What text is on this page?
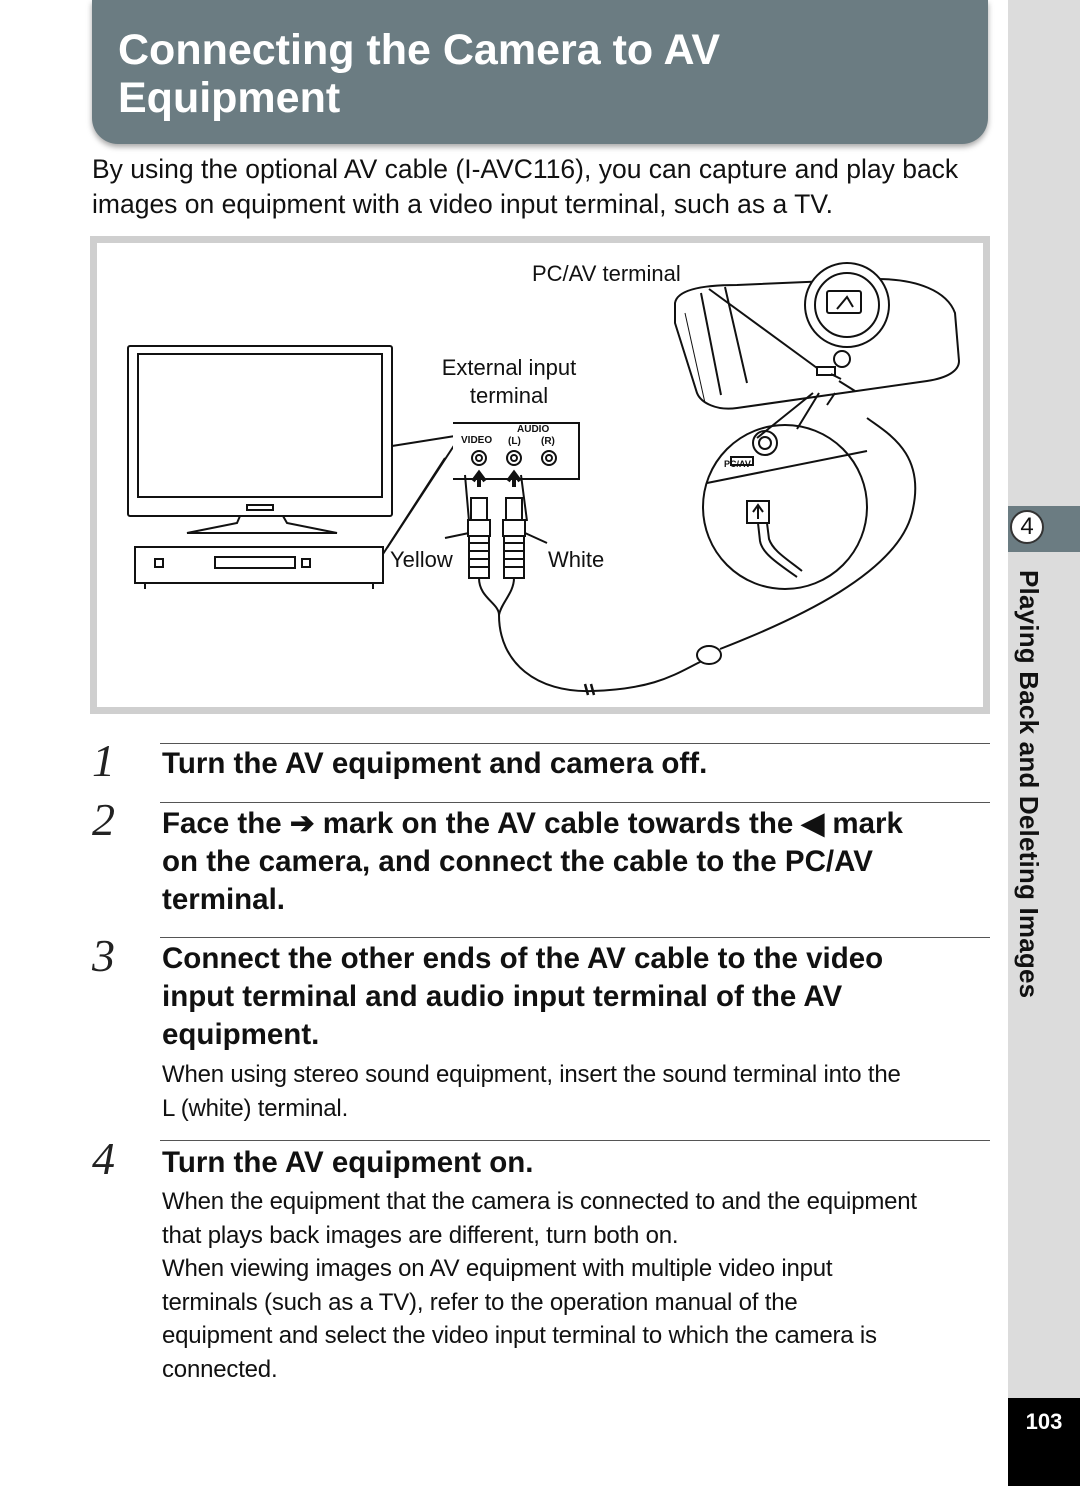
Connecting the Camera to AV Equipment

By using the optional AV cable (I-AVC116), you can capture and play back images on equipment with a video input terminal, such as a TV.

PC/AV terminal
External input
terminal
VIDEO
AUDIO
(L) (R)
Yellow	White
PC/AV
1	Turn the AV equipment and camera off.

2	Face the ➔ mark on the AV cable towards the ◀ mark

on the camera, and connect the cable to the PC/AV

terminal.

3	Connect the other ends of the AV cable to the video

input terminal and audio input terminal of the AV

equipment.

When using stereo sound equipment, insert the sound terminal into the

L (white) terminal.

4	Turn the AV equipment on.

When the equipment that the camera is connected to and the equipment

that plays back images are different, turn both on.

When viewing images on AV equipment with multiple video input

terminals (such as a TV), refer to the operation manual of the

equipment and select the video input terminal to which the camera is

connected.

4
Playing Back and Deleting Images
103
